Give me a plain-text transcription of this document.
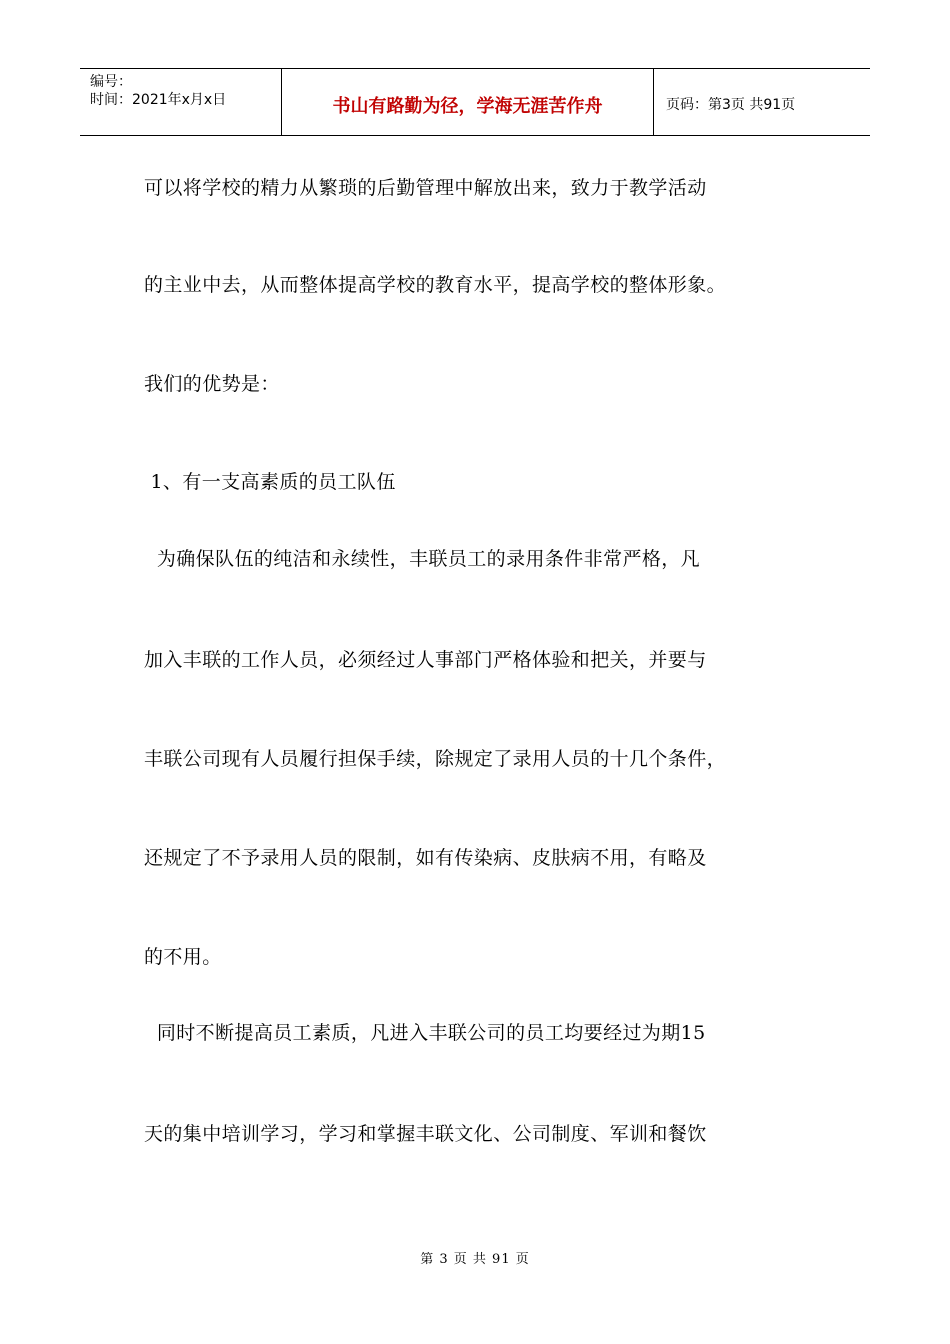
编号：
时间：2021年x月x日	书山有路勤为径，学海无涯苦作舟	页码：第3页 共91页
可以将学校的精力从繁琐的后勤管理中解放出来，致力于教学活动
的主业中去，从而整体提高学校的教育水平，提高学校的整体形象。
我们的优势是：
1、有一支高素质的员工队伍
为确保队伍的纯洁和永续性，丰联员工的录用条件非常严格，凡
加入丰联的工作人员，必须经过人事部门严格体验和把关，并要与
丰联公司现有人员履行担保手续，除规定了录用人员的十几个条件，
还规定了不予录用人员的限制，如有传染病、皮肤病不用，有略及
的不用。
同时不断提高员工素质，凡进入丰联公司的员工均要经过为期15
天的集中培训学习，学习和掌握丰联文化、公司制度、军训和餐饮
第 3 页 共 91 页
